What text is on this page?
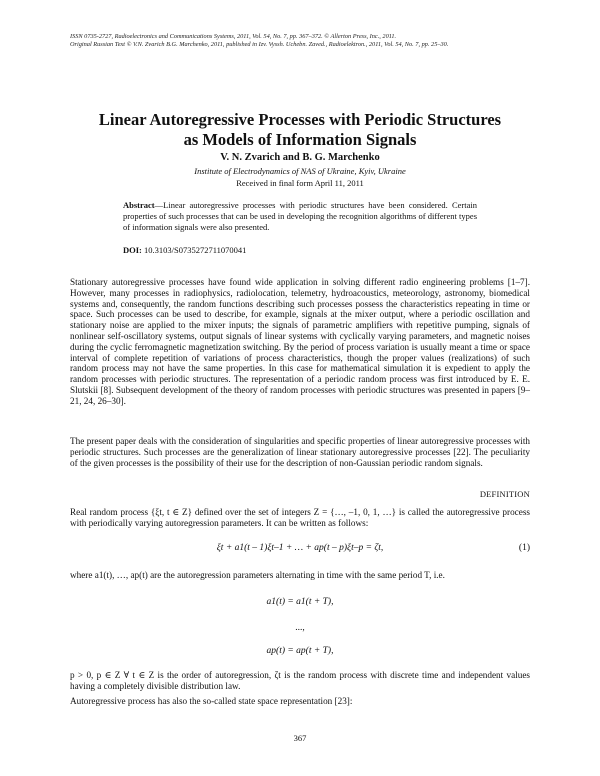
ISSN 0735-2727, Radioelectronics and Communications Systems, 2011, Vol. 54, No. 7, pp. 367–372. © Allerton Press, Inc., 2011.
Original Russian Text © V.N. Zvarich B.G. Marchenko, 2011, published in Izv. Vyssh. Uchebn. Zaved., Radioelektron., 2011, Vol. 54, No. 7, pp. 25–30.
Linear Autoregressive Processes with Periodic Structures
as Models of Information Signals
V. N. Zvarich and B. G. Marchenko
Institute of Electrodynamics of NAS of Ukraine, Kyiv, Ukraine
Received in final form April 11, 2011
Abstract—Linear autoregressive processes with periodic structures have been considered. Certain properties of such processes that can be used in developing the recognition algorithms of different types of information signals were also presented.
DOI: 10.3103/S0735272711070041
Stationary autoregressive processes have found wide application in solving different radio engineering problems [1–7]. However, many processes in radiophysics, radiolocation, telemetry, hydroacoustics, meteorology, astronomy, biomedical systems and, consequently, the random functions describing such processes possess the characteristics repeating in time or space. Such processes can be used to describe, for example, signals at the mixer output, where a periodic oscillation and stationary noise are applied to the mixer inputs; the signals of parametric amplifiers with repetitive pumping, signals of nonlinear self-oscillatory systems, output signals of linear systems with cyclically varying parameters, and magnetic noises during the cyclic ferromagnetic magnetization switching. By the period of process variation is usually meant a time or space interval of complete repetition of variations of process characteristics, though the proper values (realizations) of such random process may not have the same properties. In this case for mathematical simulation it is expedient to apply the random processes with periodic structures. The representation of a periodic random process was first introduced by E. E. Slutskii [8]. Subsequent development of the theory of random processes with periodic structures was presented in papers [9–21, 24, 26–30].
The present paper deals with the consideration of singularities and specific properties of linear autoregressive processes with periodic structures. Such processes are the generalization of linear stationary autoregressive processes [22]. The peculiarity of the given processes is the possibility of their use for the description of non-Gaussian periodic random signals.
DEFINITION
Real random process {ξt, t ∈ Z} defined over the set of integers Z = {…, –1, 0, 1, …} is called the autoregressive process with periodically varying autoregression parameters. It can be written as follows:
ξt + a1(t – 1)ξt–1 + … + ap(t – p)ξt–p = ζt,	(1)
where a1(t), …, ap(t) are the autoregression parameters alternating in time with the same period T, i.e.
a1(t) = a1(t + T),
...,
ap(t) = ap(t + T),
p > 0, p ∈ Z ∀ t ∈ Z is the order of autoregression, ζt is the random process with discrete time and independent values having a completely divisible distribution law.
Autoregressive process has also the so-called state space representation [23]:
367
